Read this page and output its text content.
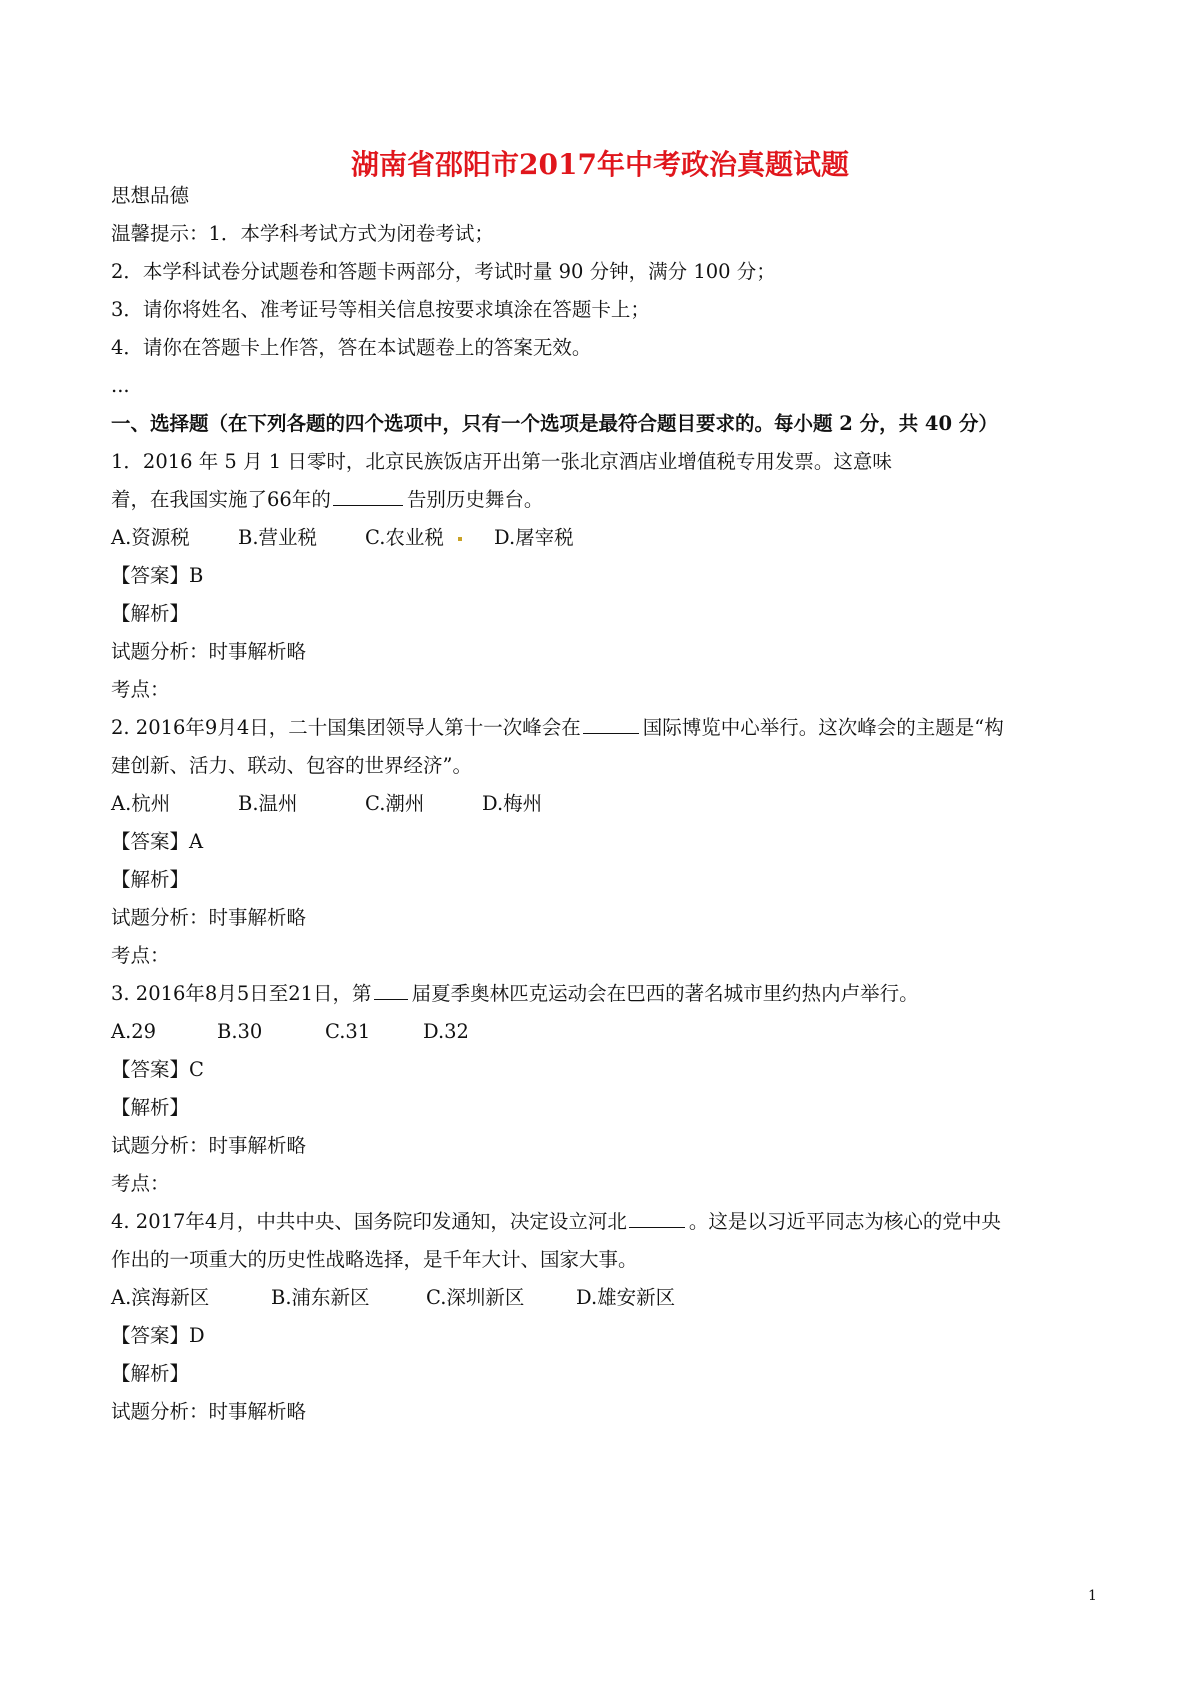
湖南省邵阳市2017年中考政治真题试题
思想品德
温馨提示：1．本学科考试方式为闭卷考试；
2．本学科试卷分试题卷和答题卡两部分，考试时量 90 分钟，满分 100 分；
3．请你将姓名、准考证号等相关信息按要求填涂在答题卡上；
4．请你在答题卡上作答，答在本试题卷上的答案无效。
...
一、选择题（在下列各题的四个选项中，只有一个选项是最符合题目要求的。每小题 2 分，共 40 分）
1．2016 年 5 月 1 日零时，北京民族饭店开出第一张北京酒店业增值税专用发票。这意味
着，在我国实施了66年的	告别历史舞台。
A.资源税 B.营业税 C.农业税	D.屠宰税
【答案】B
【解析】
试题分析：时事解析略
考点：
2. 2016年9月4日，二十国集团领导人第十一次峰会在	国际博览中心举行。这次峰会的主题是“构
建创新、活力、联动、包容的世界经济”。
A.杭州	B.温州	C.潮州	D.梅州
【答案】A
【解析】
试题分析：时事解析略
考点：
3. 2016年8月5日至21日，第 届夏季奥林匹克运动会在巴西的著名城市里约热内卢举行。
A.29	B.30	C.31	D.32
【答案】C
【解析】
试题分析：时事解析略
考点：
4. 2017年4月，中共中央、国务院印发通知，决定设立河北	。这是以习近平同志为核心的党中央
作出的一项重大的历史性战略选择，是千年大计、国家大事。
A.滨海新区	B.浦东新区	C.深圳新区	D.雄安新区
【答案】D
【解析】
试题分析：时事解析略
1
